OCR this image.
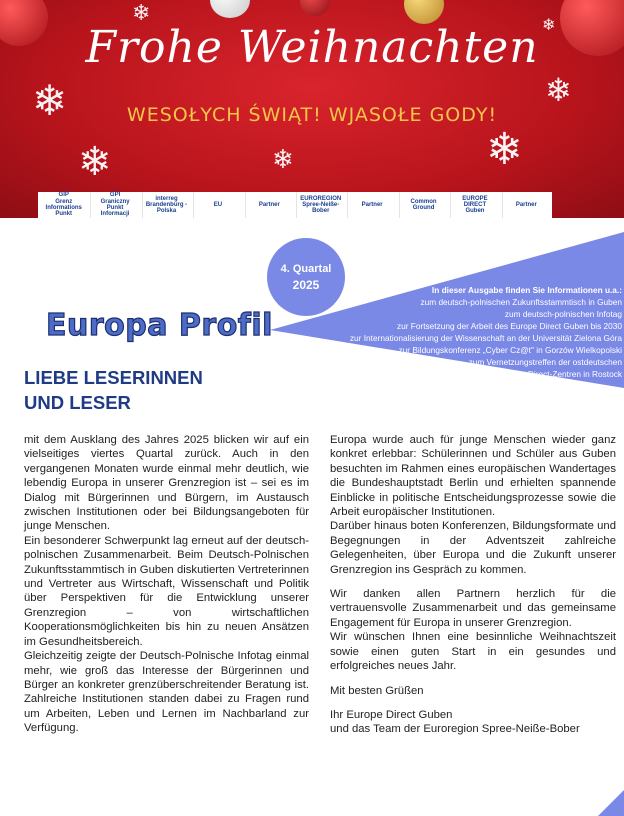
❄
❄
❄	❄
❄
❄
❄
Frohe Weihnachten
WESOŁYCH ŚWIĄT! WJASOŁE GODY!
GIP
Grenz
Informations
Punkt
GPI
Graniczny
Punkt
Informacji
interreg
Brandenburg - Polska
EU	Partner
EUROREGION
Spree-Neiße-Bober
Partner
Common
Ground
EUROPE DIRECT
Guben
Partner
4. Quartal
2025	In dieser Ausgabe finden Sie Informationen u.a.:
zum deutsch-polnischen Zukunftsstammtisch in Guben
zum deutsch-polnischen Infotag
zur Fortsetzung der Arbeit des Europe Direct Guben bis 2030
zur Internationalisierung der Wissenschaft an der Universität Zielona Góra
zur Bildungskonferenz „Cyber Cz@t" in Gorzów Wielkopolski
zum Vernetzungstreffen der ostdeutschen
Europe-Direct-Zentren in Rostock
Europa Profil
LIEBE LESERINNEN
UND LESER

mit dem Ausklang des Jahres 2025 blicken wir auf ein vielseitiges viertes Quartal zurück. Auch in den vergangenen Monaten wurde einmal mehr deutlich, wie lebendig Europa in unserer Grenzregion ist – sei es im Dialog mit Bürgerinnen und Bürgern, im Austausch zwischen Institutionen oder bei Bildungsangeboten für junge Menschen.

Ein besonderer Schwerpunkt lag erneut auf der deutsch-polnischen Zusammenarbeit. Beim Deutsch-Polnischen Zukunftsstammtisch in Guben diskutierten Vertreterinnen und Vertreter aus Wirtschaft, Wissenschaft und Politik über Perspektiven für die Entwicklung unserer Grenzregion – von wirtschaftlichen Kooperationsmöglichkeiten bis hin zu neuen Ansätzen im Gesundheitsbereich.

Gleichzeitig zeigte der Deutsch-Polnische Infotag einmal mehr, wie groß das Interesse der Bürgerinnen und Bürger an konkreter grenzüberschreitender Beratung ist. Zahlreiche Institutionen standen dabei zu Fragen rund um Arbeiten, Leben und Lernen im Nachbarland zur Verfügung.

Europa wurde auch für junge Menschen wieder ganz konkret erlebbar: Schülerinnen und Schüler aus Guben besuchten im Rahmen eines europäischen Wandertages die Bundeshauptstadt Berlin und erhielten spannende Einblicke in politische Entscheidungsprozesse sowie die Arbeit europäischer Institutionen.

Darüber hinaus boten Konferenzen, Bildungsformate und Begegnungen in der Adventszeit zahlreiche Gelegenheiten, über Europa und die Zukunft unserer Grenzregion ins Gespräch zu kommen.

Wir danken allen Partnern herzlich für die vertrauensvolle Zusammenarbeit und das gemeinsame Engagement für Europa in unserer Grenzregion.

Wir wünschen Ihnen eine besinnliche Weihnachtszeit sowie einen guten Start in ein gesundes und erfolgreiches neues Jahr.

Mit besten Grüßen

Ihr Europe Direct Guben

und das Team der Euroregion Spree-Neiße-Bober
